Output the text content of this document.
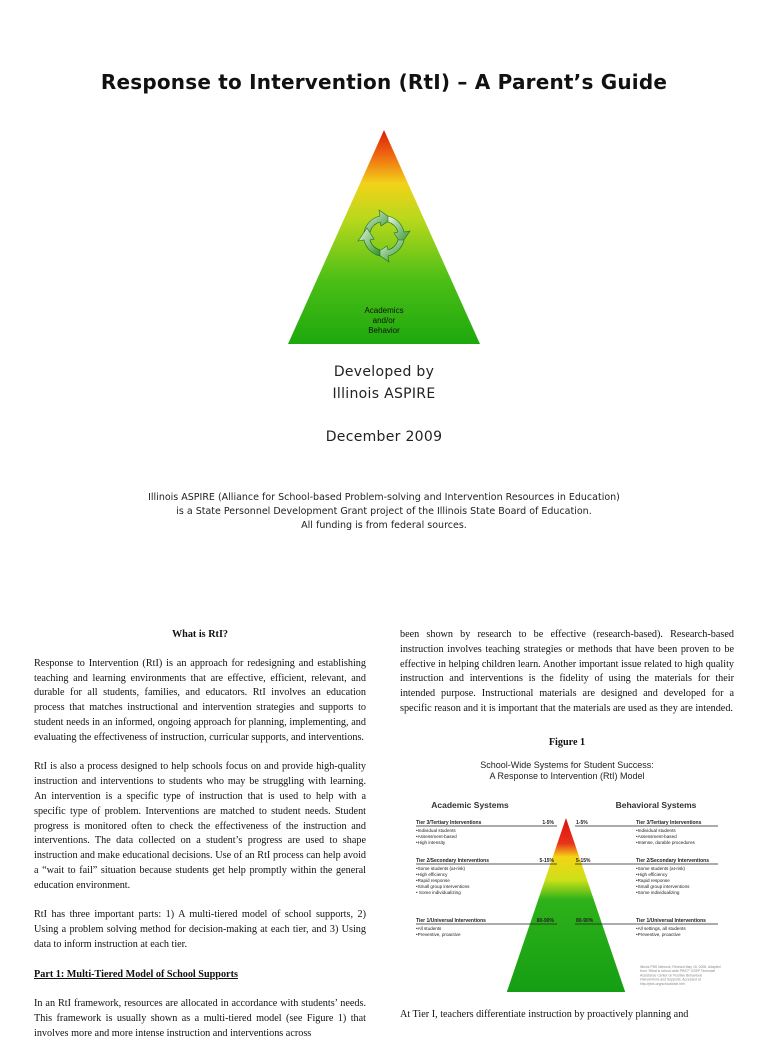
Response to Intervention (RtI) – A Parent’s Guide
Academics
and/or
Behavior
Developed by
Illinois ASPIRE
December 2009
Illinois ASPIRE (Alliance for School-based Problem-solving and Intervention Resources in Education)
is a State Personnel Development Grant project of the Illinois State Board of Education.
All funding is from federal sources.
What is RtI?

Response to Intervention (RtI) is an approach for redesigning and establishing teaching and learning environments that are effective, efficient, relevant, and durable for all students, families, and educators. RtI involves an education process that matches instructional and intervention strategies and supports to student needs in an informed, ongoing approach for planning, implementing, and evaluating the effectiveness of instruction, curricular supports, and interventions.

RtI is also a process designed to help schools focus on and provide high-quality instruction and interventions to students who may be struggling with learning. An intervention is a specific type of instruction that is used to help with a specific type of problem. Interventions are matched to student needs. Student progress is monitored often to check the effectiveness of the instruction and interventions. The data collected on a student’s progress are used to shape instruction and make educational decisions. Use of an RtI process can help avoid a “wait to fail” situation because students get help promptly within the general education environment.

RtI has three important parts: 1) A multi-tiered model of school supports, 2) Using a problem solving method for decision-making at each tier, and 3) Using data to inform instruction at each tier.

Part 1: Multi-Tiered Model of School Supports

In an RtI framework, resources are allocated in accordance with students’ needs. This framework is usually shown as a multi-tiered model (see Figure 1) that involves more and more intense instruction and interventions across

been shown by research to be effective (research-based). Research-based instruction involves teaching strategies or methods that have been proven to be effective in helping children learn. Another important issue related to high quality instruction and interventions is the fidelity of using the materials for their intended purpose. Instructional materials are designed and developed for a specific reason and it is important that the materials are used as they are intended.

Figure 1
School-Wide Systems for Student Success:
A Response to Intervention (RtI) Model
Academic Systems	Behavioral Systems
Tier 3/Tertiary Interventions	1-5%
•Individual students
•Assessment-based
•High intensity
Tier 2/Secondary Interventions	5-15%
•Some students (at-risk)
•High efficiency
•Rapid response
•Small group interventions
• Some individualizing
Tier 1/Universal Interventions	80-90%
•All students
•Preventive, proactive
1-5%	Tier 3/Tertiary Interventions
•Individual students
•Assessment-based
•Intense, durable procedures
5-15%	Tier 2/Secondary Interventions
•Some students (at-risk)
•High efficiency
•Rapid response
•Small group interventions
•Some individualizing
80-90%	Tier 1/Universal Interventions
•All settings, all students
•Preventive, proactive
Illinois PBS Network, Revised May 15, 2008. Adapted from “What is school-wide PBS?” OSEP Technical Assistance Center on Positive Behavioral Interventions and Supports. Accessed at http://pbis.org/schoolwide.htm
At Tier I, teachers differentiate instruction by proactively planning and
